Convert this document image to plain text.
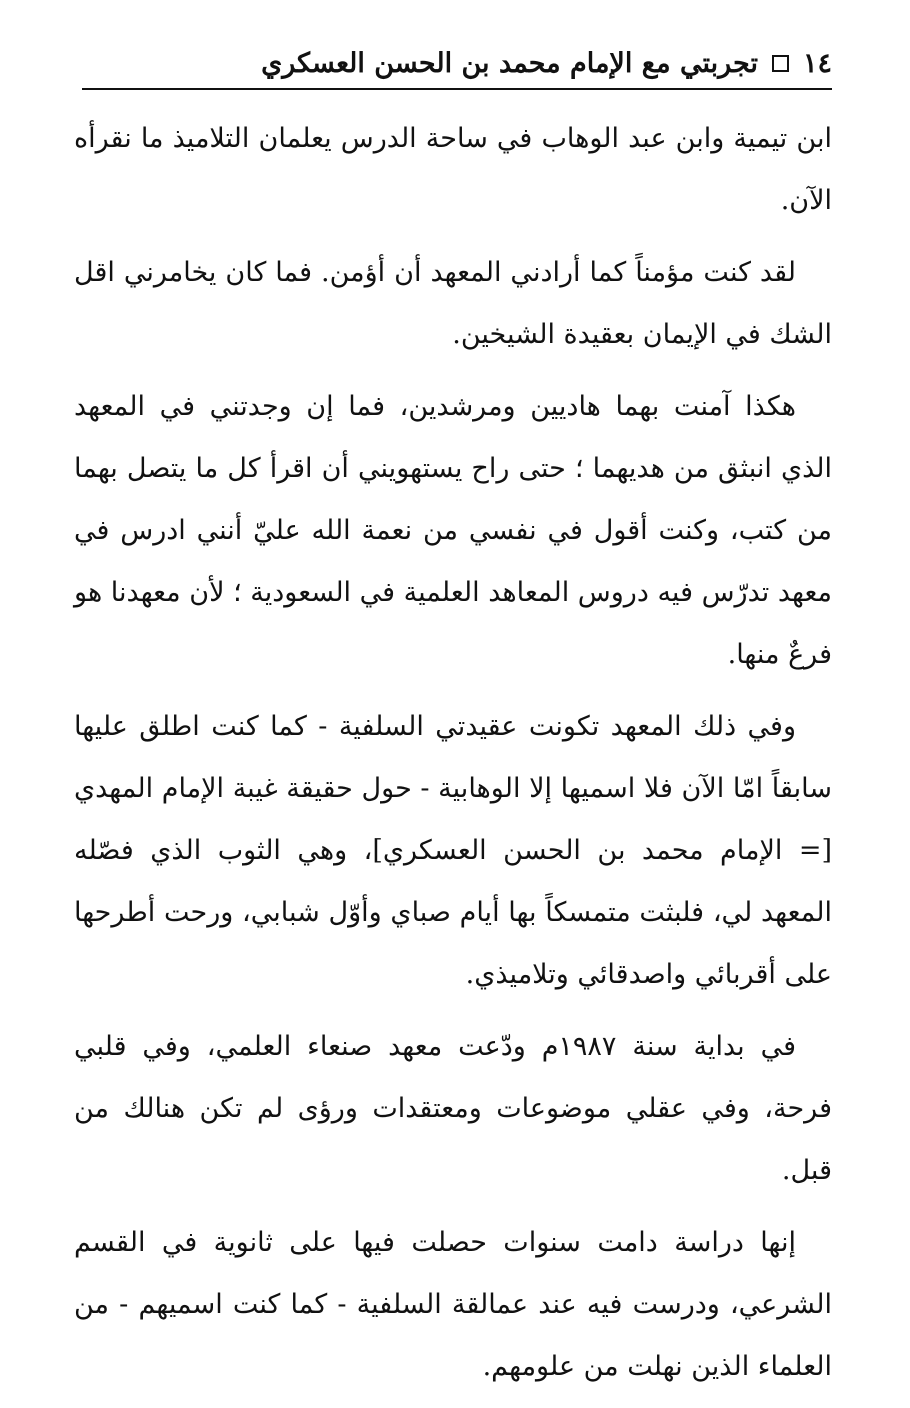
١٤
تجربتي مع الإمام محمد بن الحسن العسكري

ابن تيمية وابن عبد الوهاب في ساحة الدرس يعلمان التلاميذ ما نقرأه الآن.

لقد كنت مؤمناً كما أرادني المعهد أن أؤمن. فما كان يخامرني اقل الشك في الإيمان بعقيدة الشيخين.

هكذا آمنت بهما هاديين ومرشدين، فما إن وجدتني في المعهد الذي انبثق من هديهما ؛ حتى راح يستهويني أن اقرأ كل ما يتصل بهما من كتب، وكنت أقول في نفسي من نعمة الله عليّ أنني ادرس في معهد تدرّس فيه دروس المعاهد العلمية في السعودية ؛ لأن معهدنا هو فرعٌ منها.

وفي ذلك المعهد تكونت عقيدتي السلفية - كما كنت اطلق عليها سابقاً امّا الآن فلا اسميها إلا الوهابية - حول حقيقة غيبة الإمام المهدي [= الإمام محمد بن الحسن العسكري]، وهي الثوب الذي فصّله المعهد لي، فلبثت متمسكاً بها أيام صباي وأوّل شبابي، ورحت أطرحها على أقربائي واصدقائي وتلاميذي.

في بداية سنة ١٩٨٧م ودّعت معهد صنعاء العلمي، وفي قلبي فرحة، وفي عقلي موضوعات ومعتقدات ورؤى لم تكن هنالك من قبل.

إنها دراسة دامت سنوات حصلت فيها على ثانوية في القسم الشرعي، ودرست فيه عند عمالقة السلفية - كما كنت اسميهم - من العلماء الذين نهلت من علومهم.
